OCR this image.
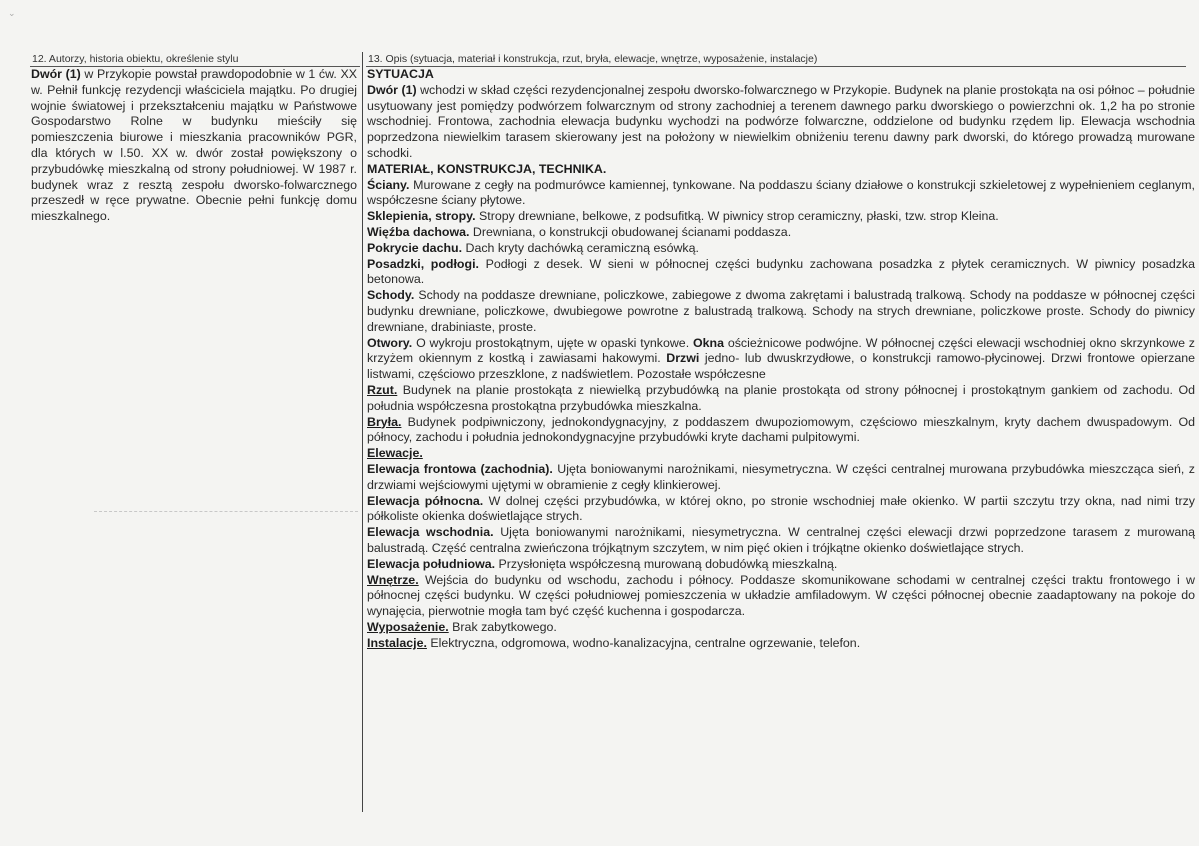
⌄
12. Autorzy, historia obiektu, określenie stylu	13. Opis (sytuacja, materiał i konstrukcja, rzut, bryła, elewacje, wnętrze, wyposażenie, instalacje)

Dwór (1) w Przykopie powstał prawdopodobnie w 1 ćw. XX w. Pełnił funkcję rezydencji właściciela majątku. Po drugiej wojnie światowej i przekształceniu majątku w Państwowe Gospodarstwo Rolne w budynku mieściły się pomieszczenia biurowe i mieszkania pracowników PGR, dla których w l.50. XX w. dwór został powiększony o przybudówkę mieszkalną od strony południowej. W 1987 r. budynek wraz z resztą zespołu dworsko-folwarcznego przeszedł w ręce prywatne. Obecnie pełni funkcję domu mieszkalnego.

SYTUACJA

Dwór (1) wchodzi w skład części rezydencjonalnej zespołu dworsko-folwarcznego w Przykopie. Budynek na planie prostokąta na osi północ – południe usytuowany jest pomiędzy podwórzem folwarcznym od strony zachodniej a terenem dawnego parku dworskiego o powierzchni ok. 1,2 ha po stronie wschodniej. Frontowa, zachodnia elewacja budynku wychodzi na podwórze folwarczne, oddzielone od budynku rzędem lip. Elewacja wschodnia poprzedzona niewielkim tarasem skierowany jest na położony w niewielkim obniżeniu terenu dawny park dworski, do którego prowadzą murowane schodki.

MATERIAŁ, KONSTRUKCJA, TECHNIKA.

Ściany. Murowane z cegły na podmurówce kamiennej, tynkowane. Na poddaszu ściany działowe o konstrukcji szkieletowej z wypełnieniem ceglanym, współczesne ściany płytowe.

Sklepienia, stropy. Stropy drewniane, belkowe, z podsufitką. W piwnicy strop ceramiczny, płaski, tzw. strop Kleina.

Więźba dachowa. Drewniana, o konstrukcji obudowanej ścianami poddasza.

Pokrycie dachu. Dach kryty dachówką ceramiczną esówką.

Posadzki, podłogi. Podłogi z desek. W sieni w północnej części budynku zachowana posadzka z płytek ceramicznych. W piwnicy posadzka betonowa.

Schody. Schody na poddasze drewniane, policzkowe, zabiegowe z dwoma zakrętami i balustradą tralkową. Schody na poddasze w północnej części budynku drewniane, policzkowe, dwubiegowe powrotne z balustradą tralkową. Schody na strych drewniane, policzkowe proste. Schody do piwnicy drewniane, drabiniaste, proste.

Otwory. O wykroju prostokątnym, ujęte w opaski tynkowe. Okna ościeżnicowe podwójne. W północnej części elewacji wschodniej okno skrzynkowe z krzyżem okiennym z kostką i zawiasami hakowymi. Drzwi jedno- lub dwuskrzydłowe, o konstrukcji ramowo-płycinowej. Drzwi frontowe opierzane listwami, częściowo przeszklone, z nadświetlem. Pozostałe współczesne

Rzut. Budynek na planie prostokąta z niewielką przybudówką na planie prostokąta od strony północnej i prostokątnym gankiem od zachodu. Od południa współczesna prostokątna przybudówka mieszkalna.

Bryła. Budynek podpiwniczony, jednokondygnacyjny, z poddaszem dwupoziomowym, częściowo mieszkalnym, kryty dachem dwuspadowym. Od północy, zachodu i południa jednokondygnacyjne przybudówki kryte dachami pulpitowymi.

Elewacje.

Elewacja frontowa (zachodnia). Ujęta boniowanymi narożnikami, niesymetryczna. W części centralnej murowana przybudówka mieszcząca sień, z drzwiami wejściowymi ujętymi w obramienie z cegły klinkierowej.

Elewacja północna. W dolnej części przybudówka, w której okno, po stronie wschodniej małe okienko. W partii szczytu trzy okna, nad nimi trzy półkoliste okienka doświetlające strych.

Elewacja wschodnia. Ujęta boniowanymi narożnikami, niesymetryczna. W centralnej części elewacji drzwi poprzedzone tarasem z murowaną balustradą. Część centralna zwieńczona trójkątnym szczytem, w nim pięć okien i trójkątne okienko doświetlające strych.

Elewacja południowa. Przysłonięta współczesną murowaną dobudówką mieszkalną.

Wnętrze. Wejścia do budynku od wschodu, zachodu i północy. Poddasze skomunikowane schodami w centralnej części traktu frontowego i w północnej części budynku. W części południowej pomieszczenia w układzie amfiladowym. W części północnej obecnie zaadaptowany na pokoje do wynajęcia, pierwotnie mogła tam być część kuchenna i gospodarcza.

Wyposażenie. Brak zabytkowego.

Instalacje. Elektryczna, odgromowa, wodno-kanalizacyjna, centralne ogrzewanie, telefon.
